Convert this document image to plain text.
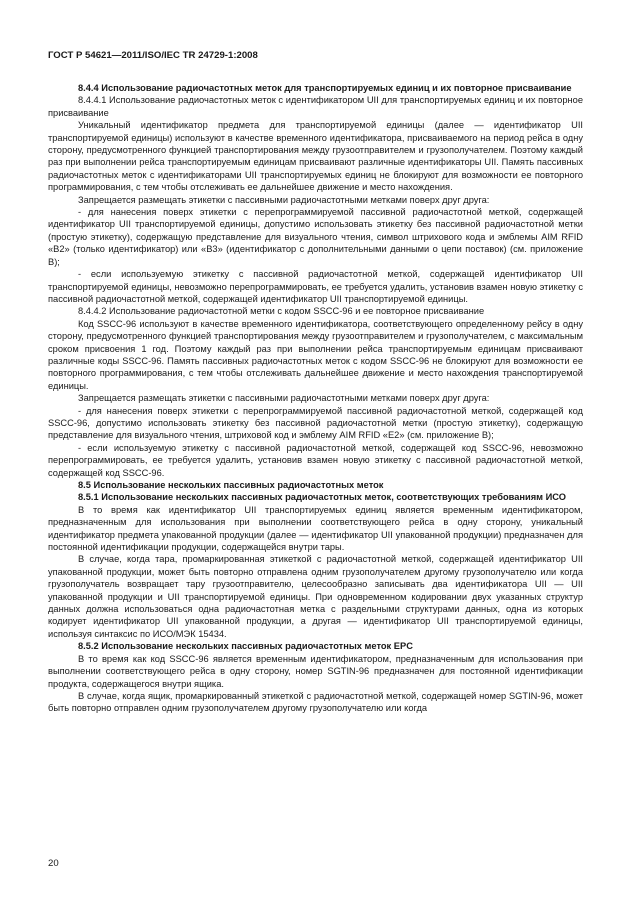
ГОСТ Р 54621—2011/ISO/IEC TR 24729-1:2008

8.4.4 Использование радиочастотных меток для транспортируемых единиц и их повторное присваивание

8.4.4.1 Использование радиочастотных меток с идентификатором UII для транспортируемых единиц и их повторное присваивание

Уникальный идентификатор предмета для транспортируемой единицы (далее — идентификатор UII транспортируемой единицы) используют в качестве временного идентификатора, присваиваемого на период рейса в одну сторону, предусмотренного функцией транспортирования между грузоотправителем и грузополучателем. Поэтому каждый раз при выполнении рейса транспортируемым единицам присваивают различные идентификаторы UII. Память пассивных радиочастотных меток с идентификаторами UII транспортируемых единиц не блокируют для возможности ее повторного программирования, с тем чтобы отслеживать ее дальнейшее движение и место нахождения.

Запрещается размещать этикетки с пассивными радиочастотными метками поверх друг друга:

- для нанесения поверх этикетки с перепрограммируемой пассивной радиочастотной меткой, содержащей идентификатор UII транспортируемой единицы, допустимо использовать этикетку без пассивной радиочастотной метки (простую этикетку), содержащую представление для визуального чтения, символ штрихового кода и эмблемы AIM RFID «B2» (только идентификатор) или «B3» (идентификатор с дополнительными данными о цепи поставок) (см. приложение В);

- если используемую этикетку с пассивной радиочастотной меткой, содержащей идентификатор UII транспортируемой единицы, невозможно перепрограммировать, ее требуется удалить, установив взамен новую этикетку с пассивной радиочастотной меткой, содержащей идентификатор UII транспортируемой единицы.

8.4.4.2 Использование радиочастотной метки с кодом SSCC-96 и ее повторное присваивание

Код SSCC-96 используют в качестве временного идентификатора, соответствующего определенному рейсу в одну сторону, предусмотренного функцией транспортирования между грузоотправителем и грузополучателем, с максимальным сроком присвоения 1 год. Поэтому каждый раз при выполнении рейса транспортируемым единицам присваивают различные коды SSCC-96. Память пассивных радиочастотных меток с кодом SSCC-96 не блокируют для возможности ее повторного программирования, с тем чтобы отслеживать дальнейшее движение и место нахождения транспортируемой единицы.

Запрещается размещать этикетки с пассивными радиочастотными метками поверх друг друга:

- для нанесения поверх этикетки с перепрограммируемой пассивной радиочастотной меткой, содержащей код SSCC-96, допустимо использовать этикетку без пассивной радиочастотной метки (простую этикетку), содержащую представление для визуального чтения, штриховой код и эмблему AIM RFID «E2» (см. приложение В);

- если используемую этикетку с пассивной радиочастотной меткой, содержащей код SSCC-96, невозможно перепрограммировать, ее требуется удалить, установив взамен новую этикетку с пассивной радиочастотной меткой, содержащей код SSCC-96.

8.5 Использование нескольких пассивных радиочастотных меток

8.5.1 Использование нескольких пассивных радиочастотных меток, соответствующих требованиям ИСО

В то время как идентификатор UII транспортируемых единиц является временным идентификатором, предназначенным для использования при выполнении соответствующего рейса в одну сторону, уникальный идентификатор предмета упакованной продукции (далее — идентификатор UII упакованной продукции) предназначен для постоянной идентификации продукции, содержащейся внутри тары.

В случае, когда тара, промаркированная этикеткой с радиочастотной меткой, содержащей идентификатор UII упакованной продукции, может быть повторно отправлена одним грузополучателем другому грузополучателю или когда грузополучатель возвращает тару грузоотправителю, целесообразно записывать два идентификатора UII — UII упакованной продукции и UII транспортируемой единицы. При одновременном кодировании двух указанных структур данных должна использоваться одна радиочастотная метка с раздельными структурами данных, одна из которых кодирует идентификатор UII упакованной продукции, а другая — идентификатор UII транспортируемой единицы, используя синтаксис по ИСО/МЭК 15434.

8.5.2 Использование нескольких пассивных радиочастотных меток EPC

В то время как код SSCC-96 является временным идентификатором, предназначенным для использования при выполнении соответствующего рейса в одну сторону, номер SGTIN-96 предназначен для постоянной идентификации продукта, содержащегося внутри ящика.

В случае, когда ящик, промаркированный этикеткой с радиочастотной меткой, содержащей номер SGTIN-96, может быть повторно отправлен одним грузополучателем другому грузополучателю или когда

20
